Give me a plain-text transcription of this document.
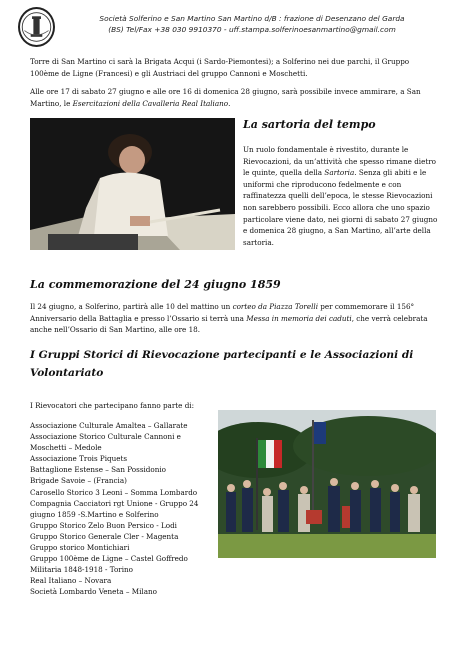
Società Solferino e San Martino San Martino d/B : frazione di Desenzano del Garda
(BS) Tel/Fax +38 030 9910370 - uff.stampa.solferinoesanmartino@gmail.com
Torre di San Martino ci sarà la Brigata Acqui (i Sardo-Piemontesi); a Solferino nei due parchi, il Gruppo 100ème de Ligne (Francesi) e gli Austriaci del gruppo Cannoni e Moschetti.
Alle ore 17 di sabato 27 giugno e alle ore 16 di domenica 28 giugno, sarà possibile invece ammirare, a San Martino, le Esercitazioni della Cavalleria Real Italiano.
La sartoria del tempo
Un ruolo fondamentale è rivestito, durante le Rievocazioni, da un’attività che spesso rimane dietro le quinte, quella della Sartoria. Senza gli abiti e le uniformi che riproducono fedelmente e con raffinatezza quelli dell’epoca, le stesse Rievocazioni non sarebbero possibili. Ecco allora che uno spazio particolare viene dato, nei giorni di sabato 27 giugno e domenica 28 giugno, a San Martino, all’arte della sartoria.
La commemorazione del 24 giugno 1859
Il 24 giugno, a Solferino, partirà alle 10 del mattino un corteo da Piazza Torelli per commemorare il 156° Anniversario della Battaglia e presso l’Ossario si terrà una Messa in memoria dei caduti, che verrà celebrata anche nell’Ossario di San Martino, alle ore 18.
I Gruppi Storici di Rievocazione partecipanti e le Associazioni di Volontariato
I Rievocatori che partecipano fanno parte di:
Associazione Culturale Amaltea – Gallarate
Associazione Storico Culturale Cannoni e Moschetti – Medole
Associazione Trois Piquets
Battaglione Estense – San Possidonio
Brigade Savoie – (Francia)
Carosello Storico 3 Leoni – Somma Lombardo
Compagnia Cacciatori rgt Unione - Gruppo 24 giugno 1859 -S.Martino e Solferino
Gruppo Storico Zelo Buon Persico - Lodi
Gruppo Storico Generale Cler - Magenta
Gruppo storico Montichiari
Gruppo 100ème de Ligne – Castel Goffredo
Militaria 1848-1918 - Torino
Real Italiano – Novara
Società Lombardo Veneta – Milano
